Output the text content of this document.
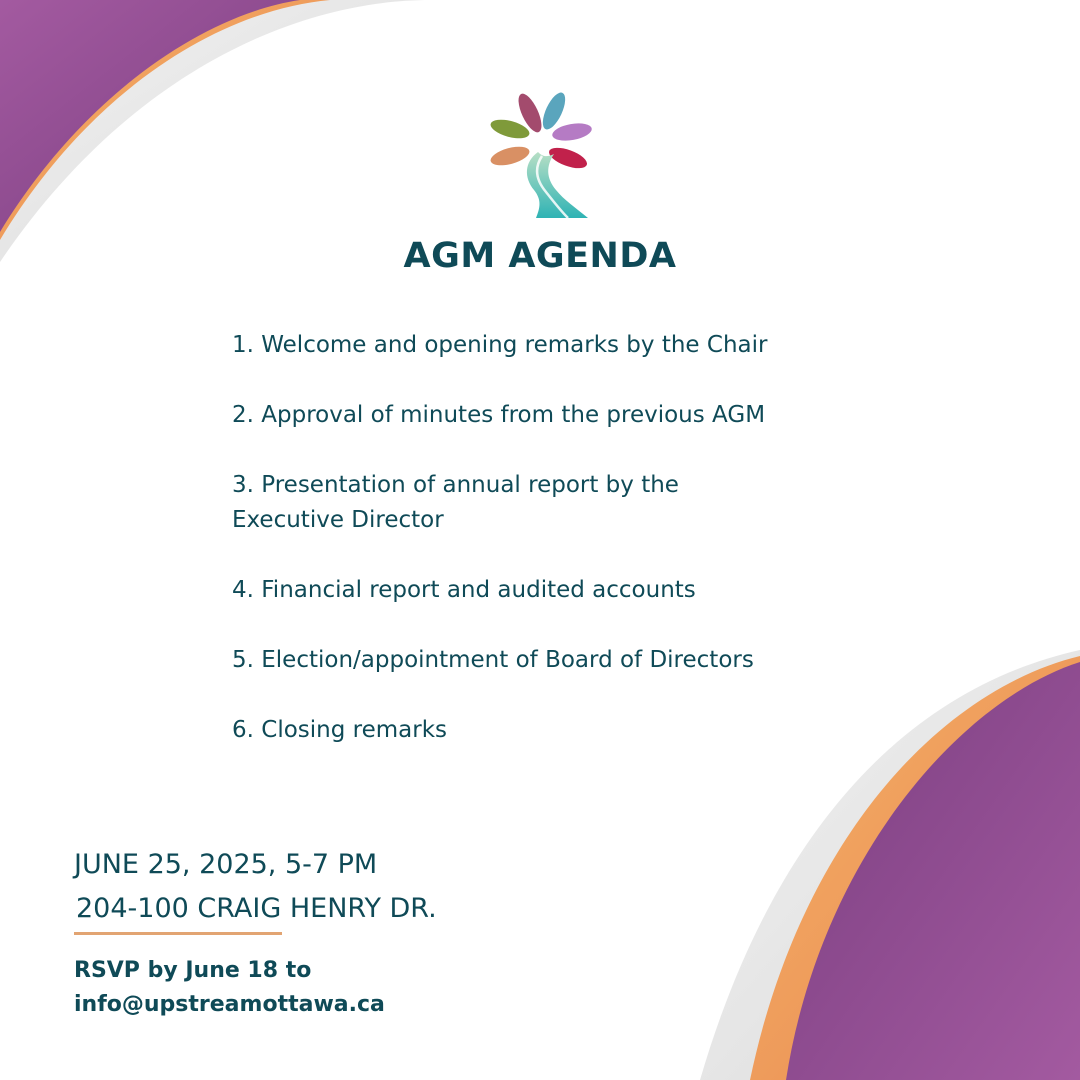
AGM AGENDA
1. Welcome and opening remarks by the Chair
2. Approval of minutes from the previous AGM
3. Presentation of annual report by the
Executive Director
4. Financial report and audited accounts
5. Election/appointment of Board of Directors
6. Closing remarks
JUNE 25, 2025, 5-7 PM
204-100 CRAIG HENRY DR.
RSVP by June 18 to
info@upstreamottawa.ca
